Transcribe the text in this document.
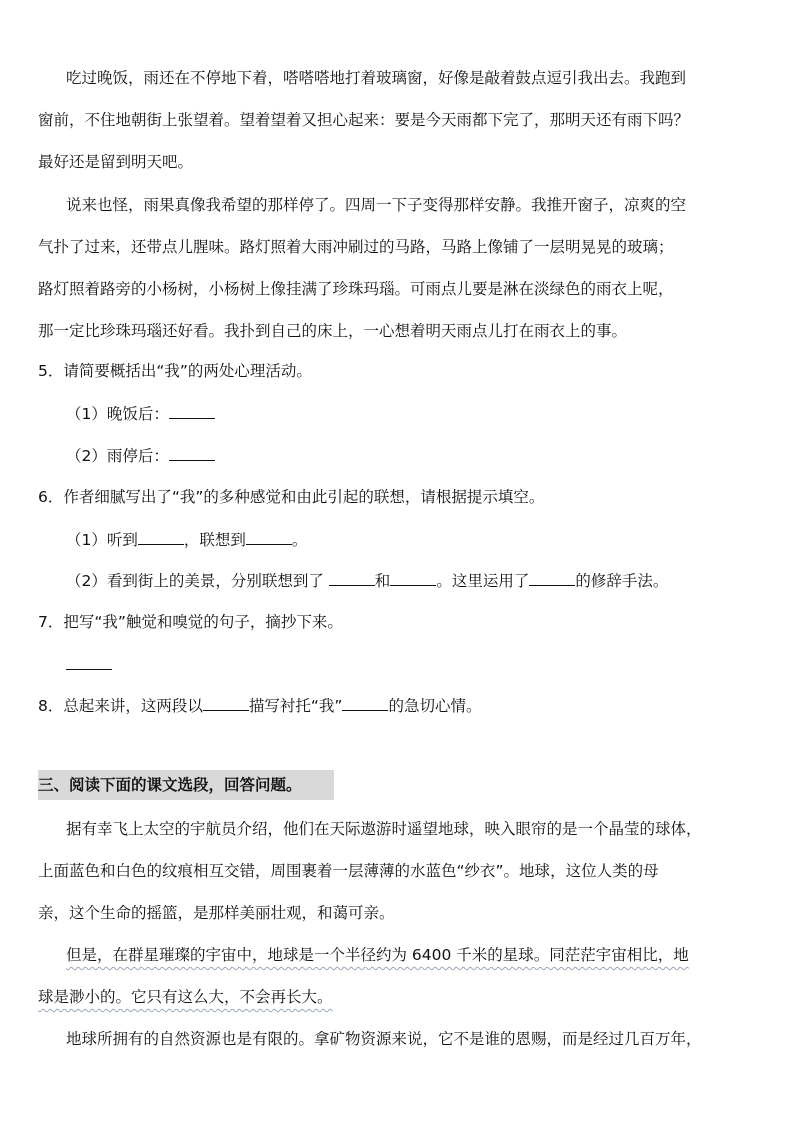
吃过晚饭，雨还在不停地下着，嗒嗒嗒地打着玻璃窗，好像是敲着鼓点逗引我出去。我跑到
窗前，不住地朝街上张望着。望着望着又担心起来：要是今天雨都下完了，那明天还有雨下吗？
最好还是留到明天吧。
说来也怪，雨果真像我希望的那样停了。四周一下子变得那样安静。我推开窗子，凉爽的空
气扑了过来，还带点儿腥味。路灯照着大雨冲刷过的马路，马路上像铺了一层明晃晃的玻璃；
路灯照着路旁的小杨树，小杨树上像挂满了珍珠玛瑙。可雨点儿要是淋在淡绿色的雨衣上呢，
那一定比珍珠玛瑙还好看。我扑到自己的床上，一心想着明天雨点儿打在雨衣上的事。
5．请简要概括出“我”的两处心理活动。
（1）晚饭后：
（2）雨停后：
6．作者细腻写出了“我”的多种感觉和由此引起的联想，请根据提示填空。
（1）听到	，联想到	。
（2）看到街上的美景，分别联想到了	和	。这里运用了	的修辞手法。
7．把写“我”触觉和嗅觉的句子，摘抄下来。
8．总起来讲，这两段以	描写衬托“我”	的急切心情。
三、阅读下面的课文选段，回答问题。
据有幸飞上太空的宇航员介绍，他们在天际遨游时遥望地球，映入眼帘的是一个晶莹的球体，
上面蓝色和白色的纹痕相互交错，周围裹着一层薄薄的水蓝色“纱衣”。地球，这位人类的母
亲，这个生命的摇篮，是那样美丽壮观，和蔼可亲。
但是，在群星璀璨的宇宙中，地球是一个半径约为 6400 千米的星球。同茫茫宇宙相比，地
球是渺小的。它只有这么大，不会再长大。
地球所拥有的自然资源也是有限的。拿矿物资源来说，它不是谁的恩赐，而是经过几百万年，
